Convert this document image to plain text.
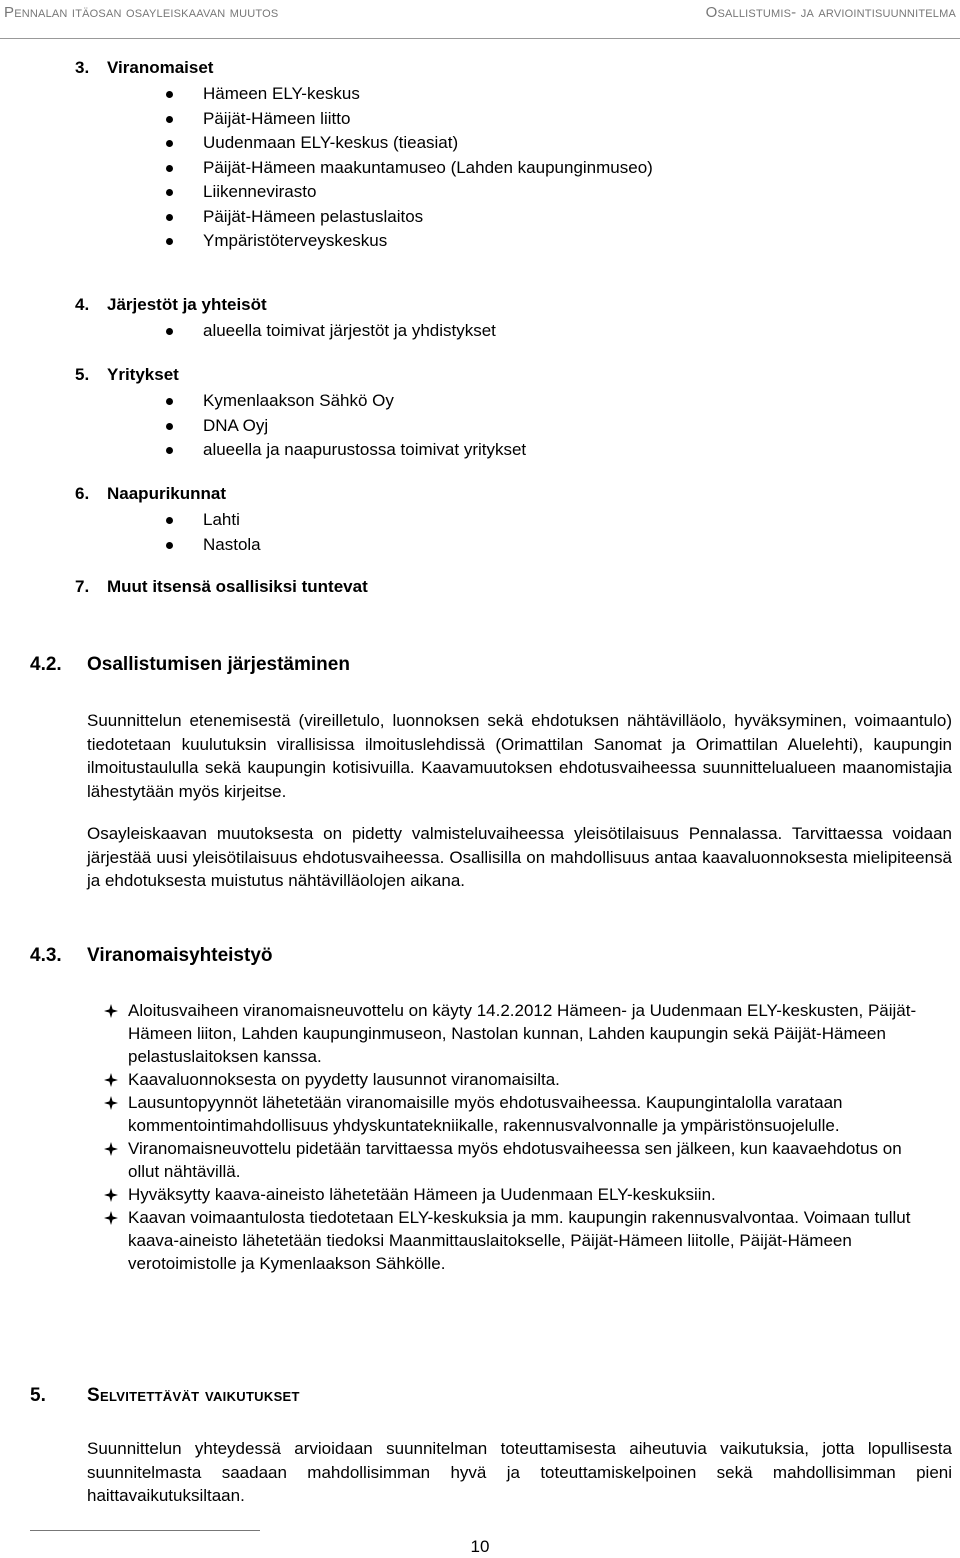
Pennalan itäosan osayleiskaavan muutos	Osallistumis- ja arviointisuunnitelma
3. Viranomaiset
Hämeen ELY-keskus
Päijät-Hämeen liitto
Uudenmaan ELY-keskus (tieasiat)
Päijät-Hämeen maakuntamuseo (Lahden kaupunginmuseo)
Liikennevirasto
Päijät-Hämeen pelastuslaitos
Ympäristöterveyskeskus
4. Järjestöt ja yhteisöt
alueella toimivat järjestöt ja yhdistykset
5. Yritykset
Kymenlaakson Sähkö Oy
DNA Oyj
alueella ja naapurustossa toimivat yritykset
6. Naapurikunnat
Lahti
Nastola
7. Muut itsensä osallisiksi tuntevat
4.2. Osallistumisen järjestäminen

Suunnittelun etenemisestä (vireilletulo, luonnoksen sekä ehdotuksen nähtävilläolo, hyväksyminen, voimaantulo) tiedotetaan kuulutuksin virallisissa ilmoituslehdissä (Orimattilan Sanomat ja Orimattilan Aluelehti), kaupungin ilmoitustaululla sekä kaupungin kotisivuilla. Kaavamuutoksen ehdotusvaiheessa suunnittelualueen maanomistajia lähestytään myös kirjeitse.

Osayleiskaavan muutoksesta on pidetty valmisteluvaiheessa yleisötilaisuus Pennalassa. Tarvittaessa voidaan järjestää uusi yleisötilaisuus ehdotusvaiheessa. Osallisilla on mahdollisuus antaa kaavaluonnoksesta mielipiteensä ja ehdotuksesta muistutus nähtävilläolojen aikana.

4.3. Viranomaisyhteistyö
Aloitusvaiheen viranomaisneuvottelu on käyty 14.2.2012 Hämeen- ja Uudenmaan ELY-keskusten, Päijät-Hämeen liiton, Lahden kaupunginmuseon, Nastolan kunnan, Lahden kaupungin sekä Päijät-Hämeen pelastuslaitoksen kanssa.
Kaavaluonnoksesta on pyydetty lausunnot viranomaisilta.
Lausuntopyynnöt lähetetään viranomaisille myös ehdotusvaiheessa. Kaupungintalolla varataan kommentointimahdollisuus yhdyskuntatekniikalle, rakennusvalvonnalle ja ympäristönsuojelulle.
Viranomaisneuvottelu pidetään tarvittaessa myös ehdotusvaiheessa sen jälkeen, kun kaavaehdotus on ollut nähtävillä.
Hyväksytty kaava-aineisto lähetetään Hämeen ja Uudenmaan ELY-keskuksiin.
Kaavan voimaantulosta tiedotetaan ELY-keskuksia ja mm. kaupungin rakennusvalvontaa. Voimaan tullut kaava-aineisto lähetetään tiedoksi Maanmittauslaitokselle, Päijät-Hämeen liitolle, Päijät-Hämeen verotoimistolle ja Kymenlaakson Sähkölle.
5. Selvitettävät vaikutukset

Suunnittelun yhteydessä arvioidaan suunnitelman toteuttamisesta aiheutuvia vaikutuksia, jotta lopullisesta suunnitelmasta saadaan mahdollisimman hyvä ja toteuttamiskelpoinen sekä mahdollisimman pieni haittavaikutuksiltaan.

10
